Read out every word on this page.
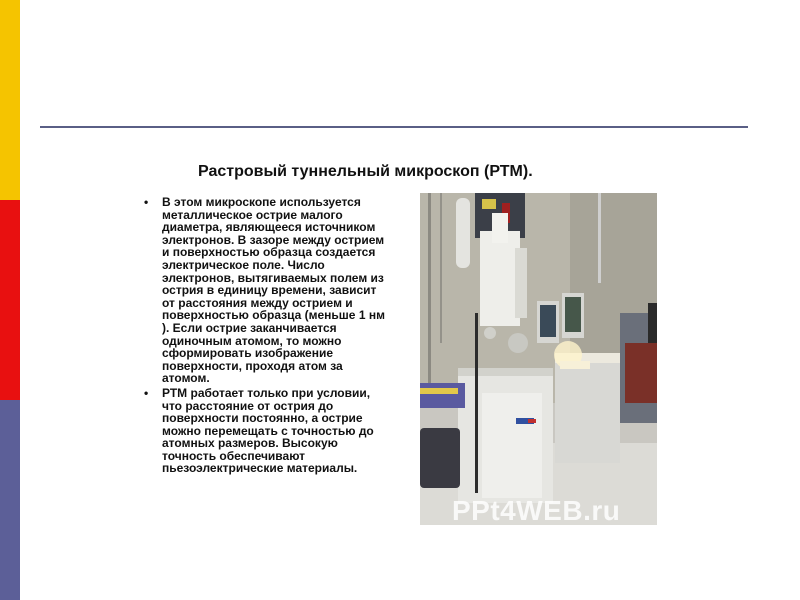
Растровый туннельный микроскоп (РТМ).
• В этом микроскопе используется
металлическое острие малого
диаметра, являющееся источником
электронов. В зазоре между острием
и поверхностью образца создается
электрическое поле. Число
электронов, вытягиваемых полем из
острия в единицу времени, зависит
от расстояния между острием и
поверхностью образца (меньше 1 нм
). Если острие заканчивается
одиночным атомом, то можно
сформировать изображение
поверхности, проходя атом за
атомом.
• РТМ работает только при условии,
что расстояние от острия до
поверхности постоянно, а острие
можно перемещать с точностью до
атомных размеров. Высокую
точность обеспечивают
пьезоэлектрические материалы.
PPt4WEB.ru
